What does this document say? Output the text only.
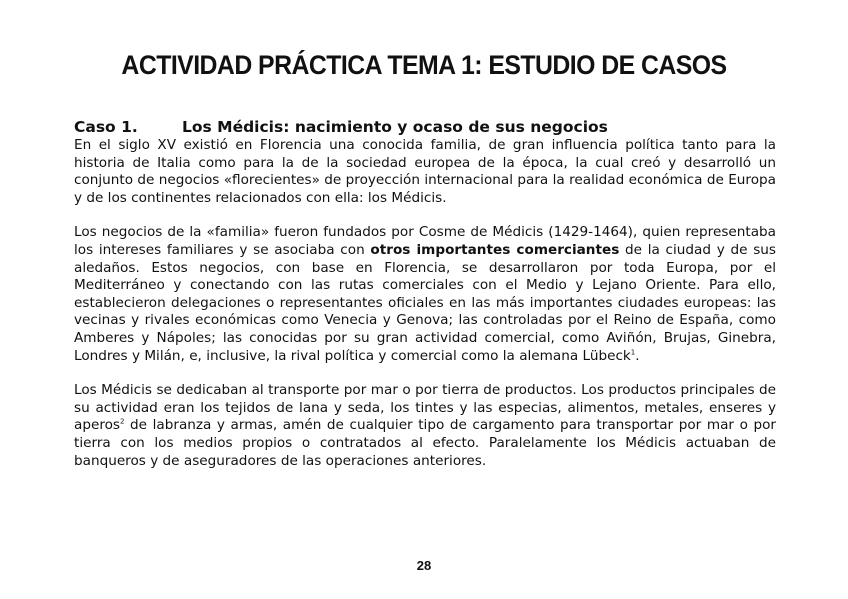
ACTIVIDAD PRÁCTICA TEMA 1: ESTUDIO DE CASOS
Caso 1.	Los Médicis: nacimiento y ocaso de sus negocios

En el siglo XV existió en Florencia una conocida familia, de gran influencia política tanto para la historia de Italia como para la de la sociedad europea de la época, la cual creó y desarrolló un conjunto de negocios «florecientes» de proyección internacional para la realidad económica de Europa y de los continentes relacionados con ella: los Médicis.

Los negocios de la «familia» fueron fundados por Cosme de Médicis (1429-1464), quien representaba los intereses familiares y se asociaba con otros importantes comerciantes de la ciudad y de sus aledaños. Estos negocios, con base en Florencia, se desarrollaron por toda Europa, por el Mediterráneo y conectando con las rutas comerciales con el Medio y Lejano Oriente. Para ello, establecieron delegaciones o representantes oficiales en las más importantes ciudades europeas: las vecinas y rivales económicas como Venecia y Genova; las controladas por el Reino de España, como Amberes y Nápoles; las conocidas por su gran actividad comercial, como Aviñón, Brujas, Ginebra, Londres y Milán, e, inclusive, la rival política y comercial como la alemana Lübeck$^1$.

Los Médicis se dedicaban al transporte por mar o por tierra de productos. Los productos principales de su actividad eran los tejidos de lana y seda, los tintes y las especias, alimentos, metales, enseres y aperos$^2$ de labranza y armas, amén de cualquier tipo de cargamento para transportar por mar o por tierra con los medios propios o contratados al efecto. Paralelamente los Médicis actuaban de banqueros y de aseguradores de las operaciones anteriores.

28
